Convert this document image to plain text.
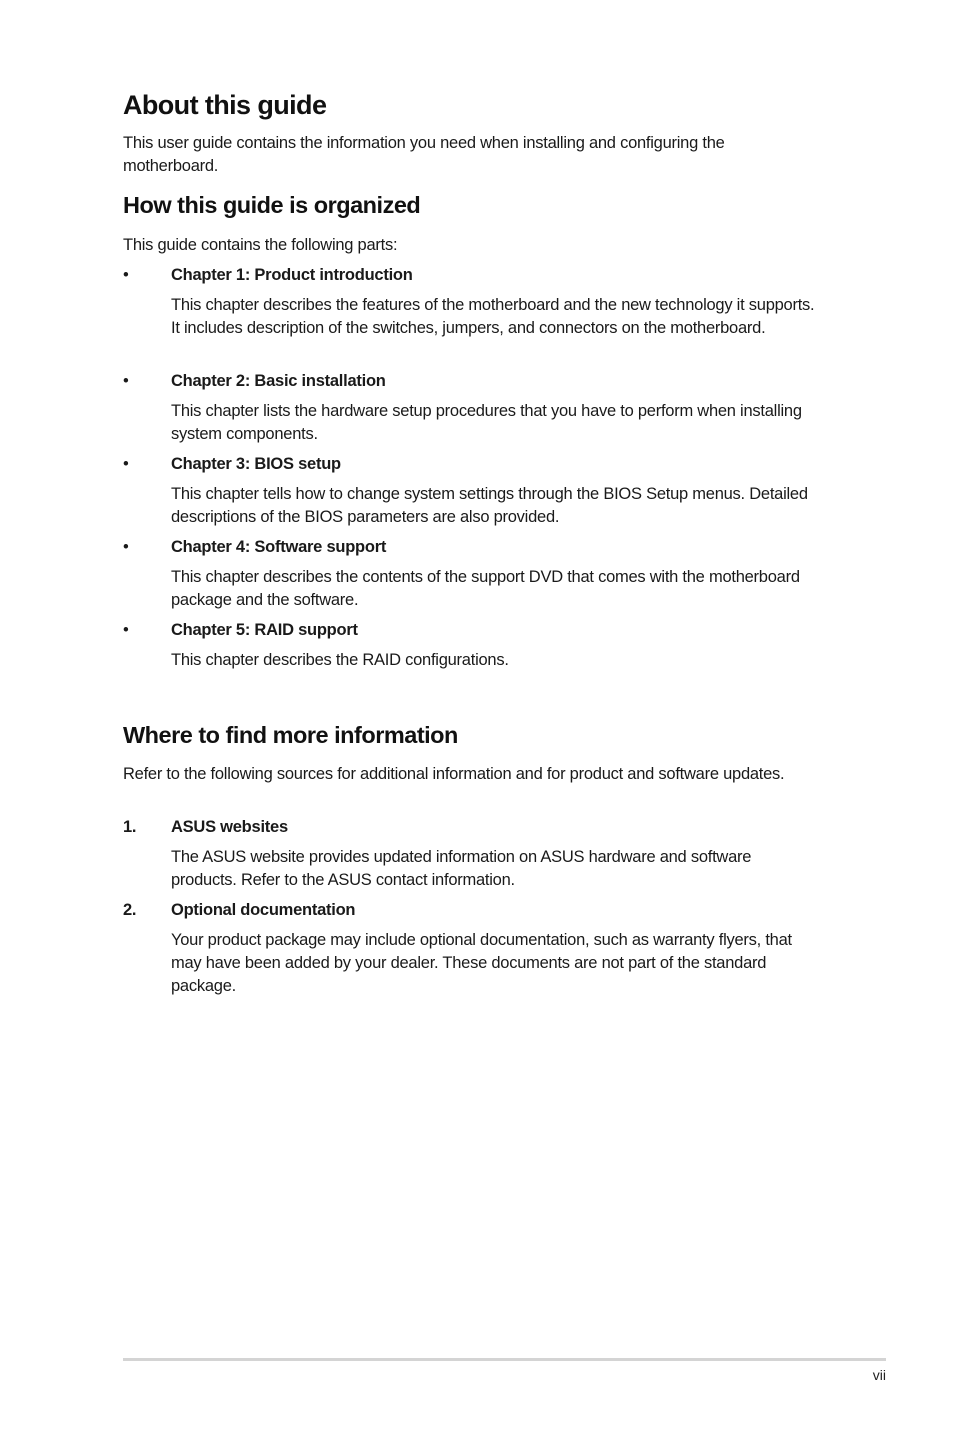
About this guide

This user guide contains the information you need when installing and configuring the motherboard.

How this guide is organized

This guide contains the following parts:

•	Chapter 1: Product introduction

This chapter describes the features of the motherboard and the new technology it supports. It includes description of the switches, jumpers, and connectors on the motherboard.

•	Chapter 2: Basic installation

This chapter lists the hardware setup procedures that you have to perform when installing system components.

•	Chapter 3: BIOS setup

This chapter tells how to change system settings through the BIOS Setup menus. Detailed descriptions of the BIOS parameters are also provided.

•	Chapter 4: Software support

This chapter describes the contents of the support DVD that comes with the motherboard package and the software.

•	Chapter 5: RAID support

This chapter describes the RAID configurations.

Where to find more information

Refer to the following sources for additional information and for product and software updates.

1. ASUS websites

The ASUS website provides updated information on ASUS hardware and software products. Refer to the ASUS contact information.

2. Optional documentation

Your product package may include optional documentation, such as warranty flyers, that may have been added by your dealer. These documents are not part of the standard package.

vii
